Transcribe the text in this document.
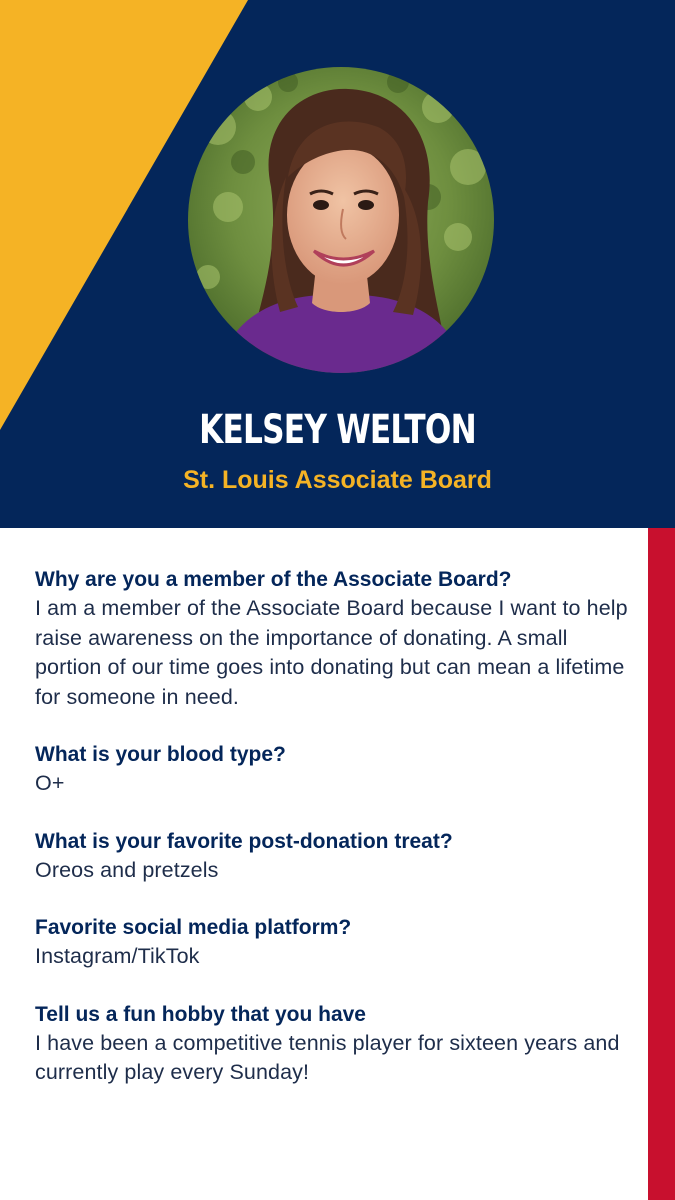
KELSEY WELTON
St. Louis Associate Board
Why are you a member of the Associate Board?
I am a member of the Associate Board because I want to help raise awareness on the importance of donating. A small portion of our time goes into donating but can mean a lifetime for someone in need.
What is your blood type?
O+
What is your favorite post-donation treat?
Oreos and pretzels
Favorite social media platform?
Instagram/TikTok
Tell us a fun hobby that you have
I have been a competitive tennis player for sixteen years and currently play every Sunday!
